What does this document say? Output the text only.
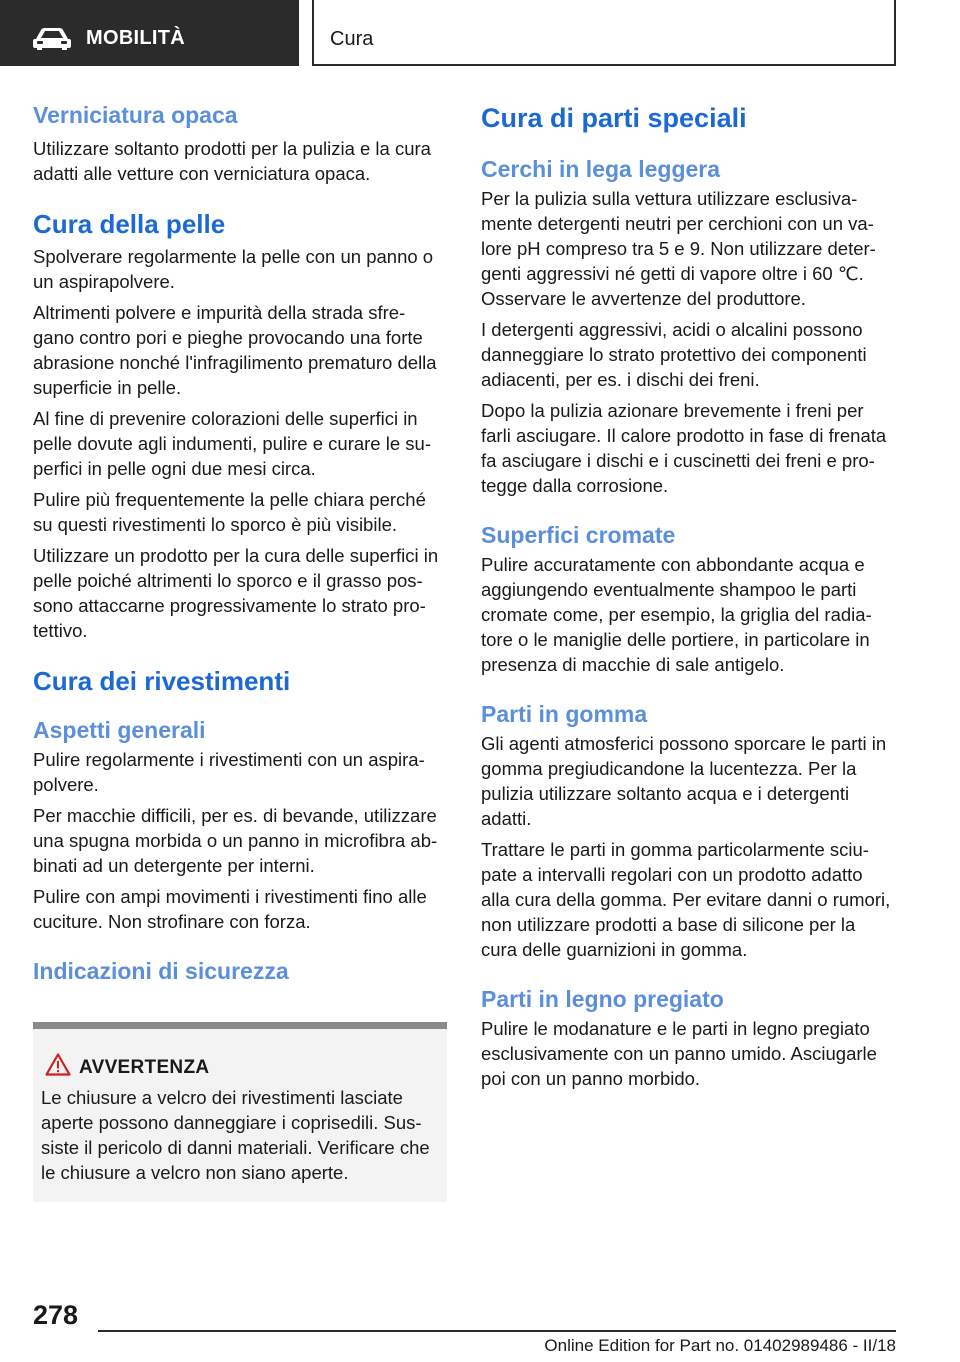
MOBILITÀ	Cura
Verniciatura opaca
Utilizzare soltanto prodotti per la pulizia e la cura
adatti alle vetture con verniciatura opaca.
Cura della pelle
Spolverare regolarmente la pelle con un panno o
un aspirapolvere.
Altrimenti polvere e impurità della strada sfre-
gano contro pori e pieghe provocando una forte
abrasione nonché l'infragilimento prematuro della
superficie in pelle.
Al fine di prevenire colorazioni delle superfici in
pelle dovute agli indumenti, pulire e curare le su-
perfici in pelle ogni due mesi circa.
Pulire più frequentemente la pelle chiara perché
su questi rivestimenti lo sporco è più visibile.
Utilizzare un prodotto per la cura delle superfici in
pelle poiché altrimenti lo sporco e il grasso pos-
sono attaccarne progressivamente lo strato pro-
tettivo.
Cura dei rivestimenti
Aspetti generali
Pulire regolarmente i rivestimenti con un aspira-
polvere.
Per macchie difficili, per es. di bevande, utilizzare
una spugna morbida o un panno in microfibra ab-
binati ad un detergente per interni.
Pulire con ampi movimenti i rivestimenti fino alle
cuciture. Non strofinare con forza.
Indicazioni di sicurezza
AVVERTENZA
Le chiusure a velcro dei rivestimenti lasciate
aperte possono danneggiare i coprisedili. Sus-
siste il pericolo di danni materiali. Verificare che
le chiusure a velcro non siano aperte.
Cura di parti speciali
Cerchi in lega leggera
Per la pulizia sulla vettura utilizzare esclusiva-
mente detergenti neutri per cerchioni con un va-
lore pH compreso tra 5 e 9. Non utilizzare deter-
genti aggressivi né getti di vapore oltre i 60 ℃.
Osservare le avvertenze del produttore.
I detergenti aggressivi, acidi o alcalini possono
danneggiare lo strato protettivo dei componenti
adiacenti, per es. i dischi dei freni.
Dopo la pulizia azionare brevemente i freni per
farli asciugare. Il calore prodotto in fase di frenata
fa asciugare i dischi e i cuscinetti dei freni e pro-
tegge dalla corrosione.
Superfici cromate
Pulire accuratamente con abbondante acqua e
aggiungendo eventualmente shampoo le parti
cromate come, per esempio, la griglia del radia-
tore o le maniglie delle portiere, in particolare in
presenza di macchie di sale antigelo.
Parti in gomma
Gli agenti atmosferici possono sporcare le parti in
gomma pregiudicandone la lucentezza. Per la
pulizia utilizzare soltanto acqua e i detergenti
adatti.
Trattare le parti in gomma particolarmente sciu-
pate a intervalli regolari con un prodotto adatto
alla cura della gomma. Per evitare danni o rumori,
non utilizzare prodotti a base di silicone per la
cura delle guarnizioni in gomma.
Parti in legno pregiato
Pulire le modanature e le parti in legno pregiato
esclusivamente con un panno umido. Asciugarle
poi con un panno morbido.
278
Online Edition for Part no. 01402989486 - II/18
